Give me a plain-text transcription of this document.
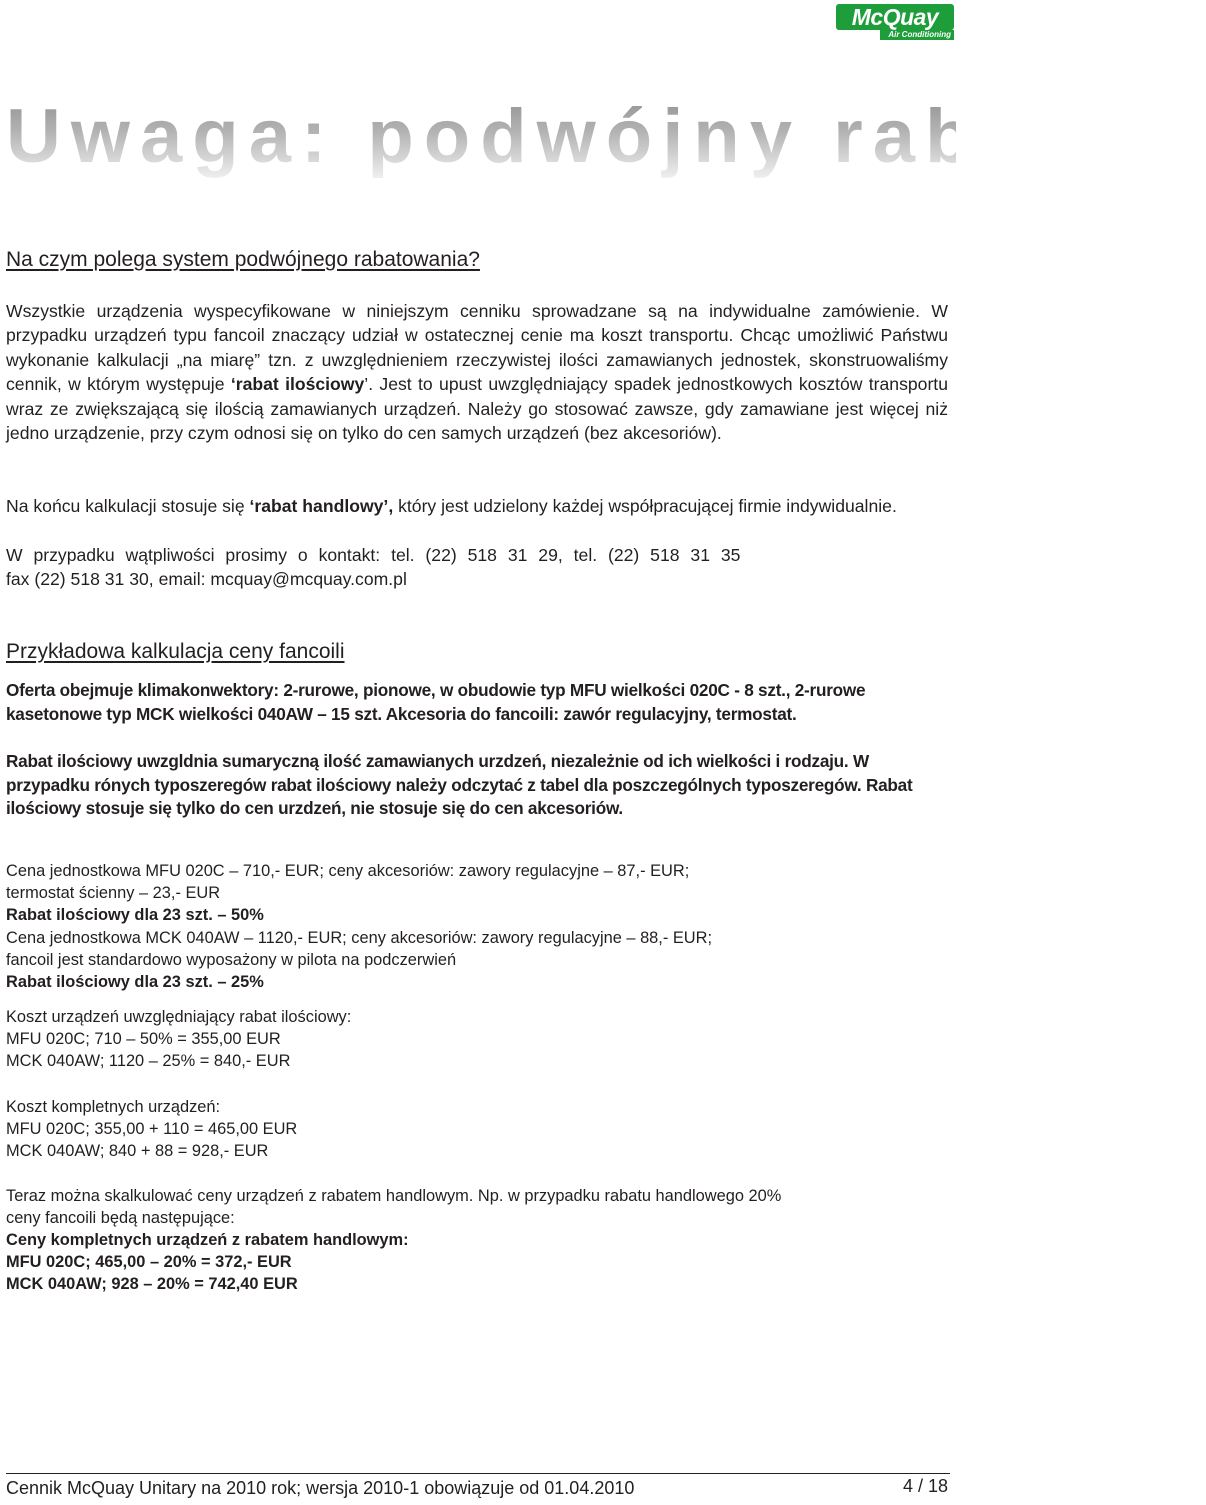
McQuay
Air Conditioning
Uwaga: podwójny rabat !!!
Na czym polega system podwójnego rabatowania?

Wszystkie urządzenia wyspecyfikowane w niniejszym cenniku sprowadzane są na indywidualne zamówienie. W przypadku urządzeń typu fancoil znaczący udział w ostatecznej cenie ma koszt transportu. Chcąc umożliwić Państwu wykonanie kalkulacji „na miarę” tzn. z uwzględnieniem rzeczywistej ilości zamawianych jednostek, skonstruowaliśmy cennik, w którym występuje ‘rabat ilościowy’. Jest to upust uwzględniający spadek jednostkowych kosztów transportu wraz ze zwiększającą się ilością zamawianych urządzeń. Należy go stosować zawsze, gdy zamawiane jest więcej niż jedno urządzenie, przy czym odnosi się on tylko do cen samych urządzeń (bez akcesoriów).

Na końcu kalkulacji stosuje się ‘rabat handlowy’, który jest udzielony każdej współpracującej firmie indywidualnie.

W przypadku wątpliwości prosimy o kontakt: tel. (22) 518 31 29, tel. (22) 518 31 35

fax (22) 518 31 30, email: mcquay@mcquay.com.pl

Przykładowa kalkulacja ceny fancoili

Oferta obejmuje klimakonwektory: 2-rurowe, pionowe, w obudowie typ MFU wielkości 020C - 8 szt., 2-rurowe kasetonowe typ MCK wielkości 040AW – 15 szt. Akcesoria do fancoili: zawór regulacyjny, termostat.

Rabat ilościowy uwzgldnia sumaryczną ilość zamawianych urzdzeń, niezależnie od ich wielkości i rodzaju. W przypadku rónych typoszeregów rabat ilościowy należy odczytać z tabel dla poszczególnych typoszeregów. Rabat ilościowy stosuje się tylko do cen urzdzeń, nie stosuje się do cen akcesoriów.

Cena jednostkowa MFU 020C – 710,- EUR; ceny akcesoriów: zawory regulacyjne – 87,- EUR;
termostat ścienny – 23,- EUR
Rabat ilościowy dla 23 szt. – 50%
Cena jednostkowa MCK 040AW – 1120,- EUR; ceny akcesoriów: zawory regulacyjne – 88,- EUR;
fancoil jest standardowo wyposażony w pilota na podczerwień
Rabat ilościowy dla 23 szt. – 25%
Koszt urządzeń uwzględniający rabat ilościowy:
MFU 020C; 710 – 50% = 355,00 EUR
MCK 040AW; 1120 – 25% = 840,- EUR
Koszt kompletnych urządzeń:
MFU 020C; 355,00 + 110 = 465,00 EUR
MCK 040AW; 840 + 88 = 928,- EUR
Teraz można skalkulować ceny urządzeń z rabatem handlowym. Np. w przypadku rabatu handlowego 20%
ceny fancoili będą następujące:
Ceny kompletnych urządzeń z rabatem handlowym:
MFU 020C; 465,00 – 20% = 372,- EUR
MCK 040AW; 928 – 20% = 742,40 EUR
Cennik McQuay Unitary na 2010 rok; wersja 2010-1 obowiązuje od 01.04.2010	4 / 18
